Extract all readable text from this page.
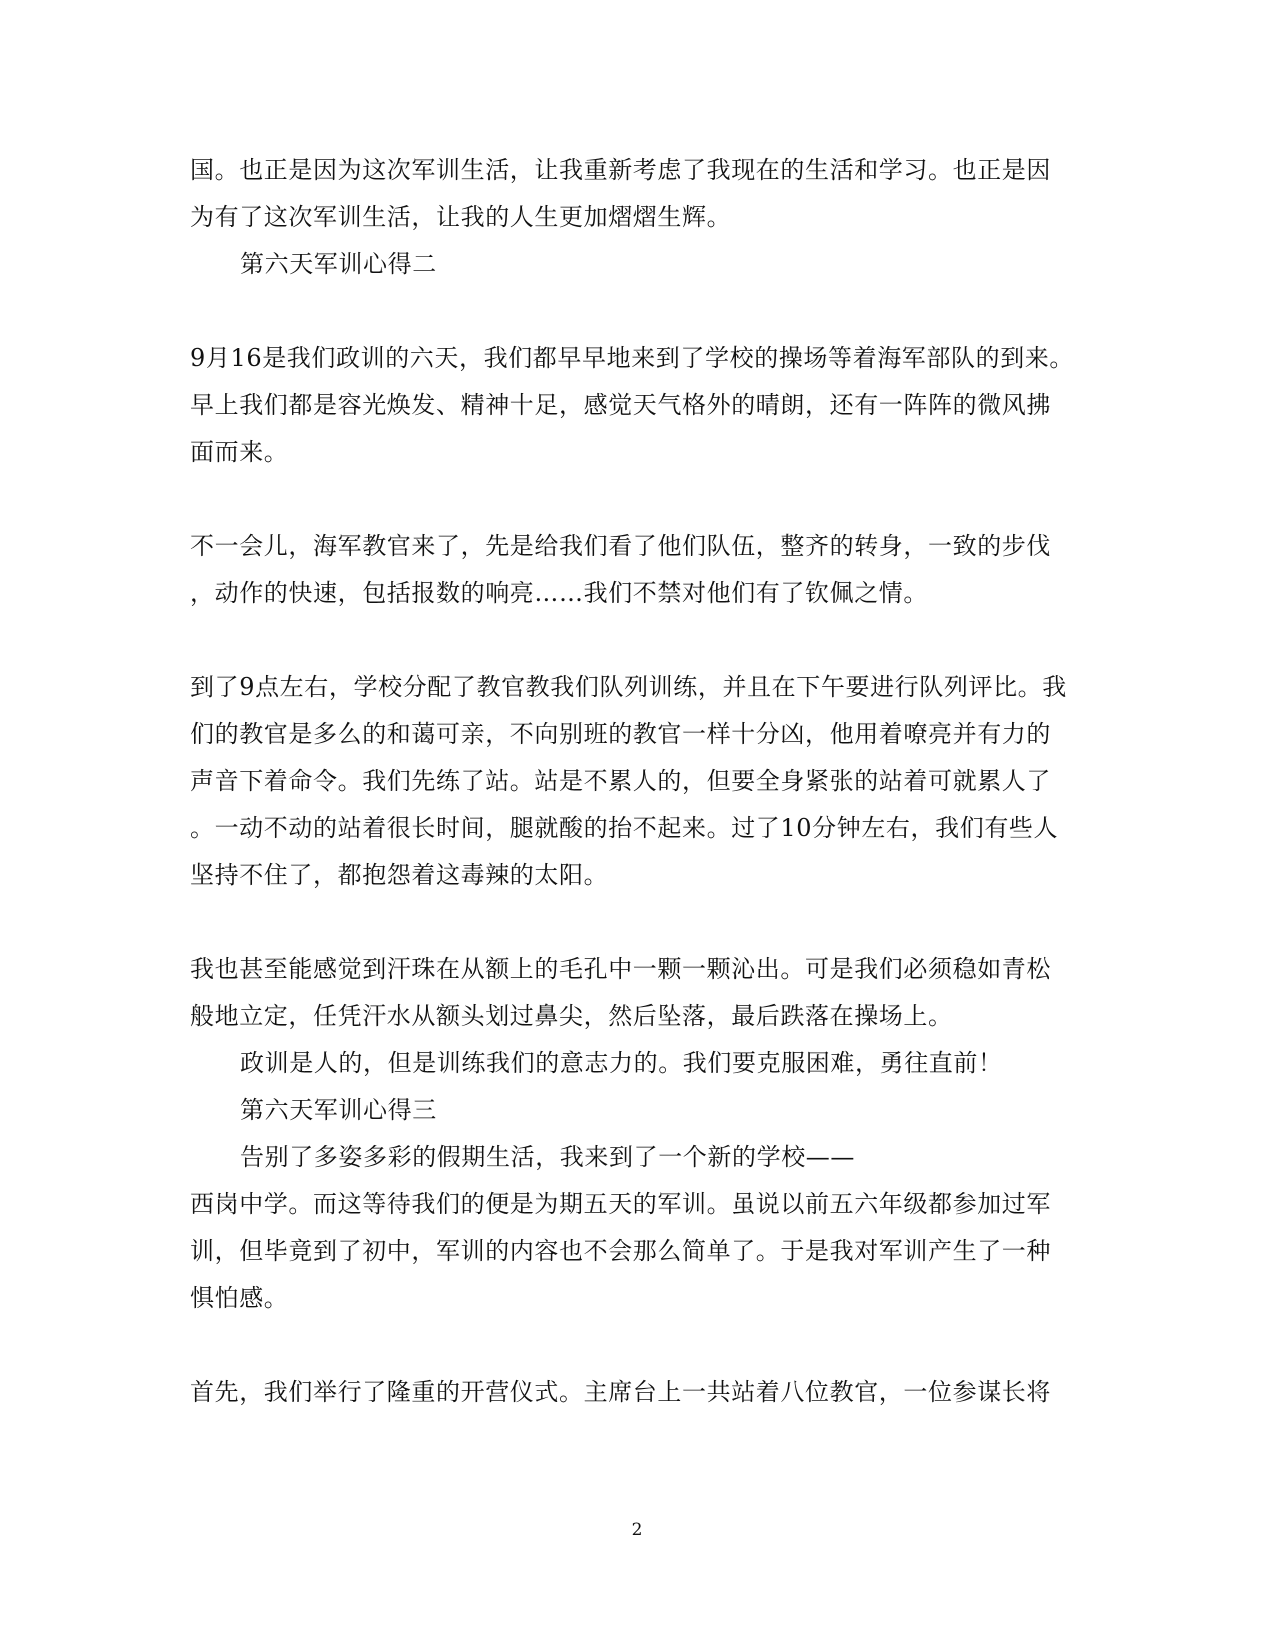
国。也正是因为这次军训生活，让我重新考虑了我现在的生活和学习。也正是因
为有了这次军训生活，让我的人生更加熠熠生辉。
第六天军训心得二
9月16是我们政训的六天，我们都早早地来到了学校的操场等着海军部队的到来。
早上我们都是容光焕发、精神十足，感觉天气格外的晴朗，还有一阵阵的微风拂
面而来。
不一会儿，海军教官来了，先是给我们看了他们队伍，整齐的转身，一致的步伐
，动作的快速，包括报数的响亮……我们不禁对他们有了钦佩之情。
到了9点左右，学校分配了教官教我们队列训练，并且在下午要进行队列评比。我
们的教官是多么的和蔼可亲，不向别班的教官一样十分凶，他用着嘹亮并有力的
声音下着命令。我们先练了站。站是不累人的，但要全身紧张的站着可就累人了
。一动不动的站着很长时间，腿就酸的抬不起来。过了10分钟左右，我们有些人
坚持不住了，都抱怨着这毒辣的太阳。
我也甚至能感觉到汗珠在从额上的毛孔中一颗一颗沁出。可是我们必须稳如青松
般地立定，任凭汗水从额头划过鼻尖，然后坠落，最后跌落在操场上。
政训是人的，但是训练我们的意志力的。我们要克服困难，勇往直前！
第六天军训心得三
告别了多姿多彩的假期生活，我来到了一个新的学校——
西岗中学。而这等待我们的便是为期五天的军训。虽说以前五六年级都参加过军
训，但毕竟到了初中，军训的内容也不会那么简单了。于是我对军训产生了一种
惧怕感。
首先，我们举行了隆重的开营仪式。主席台上一共站着八位教官，一位参谋长将
2
